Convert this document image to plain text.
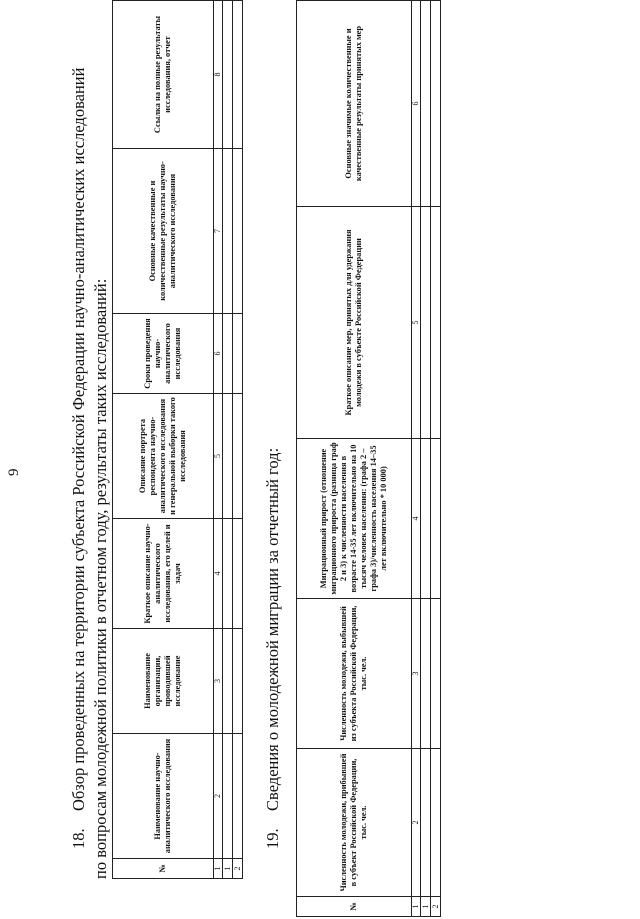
9

18.Обзор проведенных на территории субъекта Российской Федерации научно-аналитических исследований по вопросам молодежной политики в отчетном году, результаты таких исследований:	№	Наименование научно-аналитического исследования	Наименование организации, проводившей исследование	Краткое описание научно-аналитического исследования, его целей и задач	Описание портрета респондента научно-аналитического исследования и генеральной выборки такого исследования	Сроки проведения научно-аналитического исследования	Основные качественные и количественные результаты научно-аналитического исследования	Ссылка на полные результаты исследования, отчет
1	2	3	4	5	6	7	8
1							
2							

19.Сведения о молодежной миграции за отчетный год:

№	Численность молодежи, прибывшей в субъект Российской Федерации, тыс. чел.	Численность молодежи, выбывшей из субъекта Российской Федерации, тыс. чел.	Миграционный прирост (отношение миграционного прироста (разница граф 2 и 3) к численности населения в возрасте 14-35 лет включительно на 10 тысяч человек населения: (графа 2 – графа 3)/численность населения 14–35 лет включительно * 10 000)	Краткое описание мер, принятых для удержания молодежи в субъекте Российской Федерации	Основные значимые количественные и качественные результаты принятых мер
1	2	3	4	5	6
1					
2					
